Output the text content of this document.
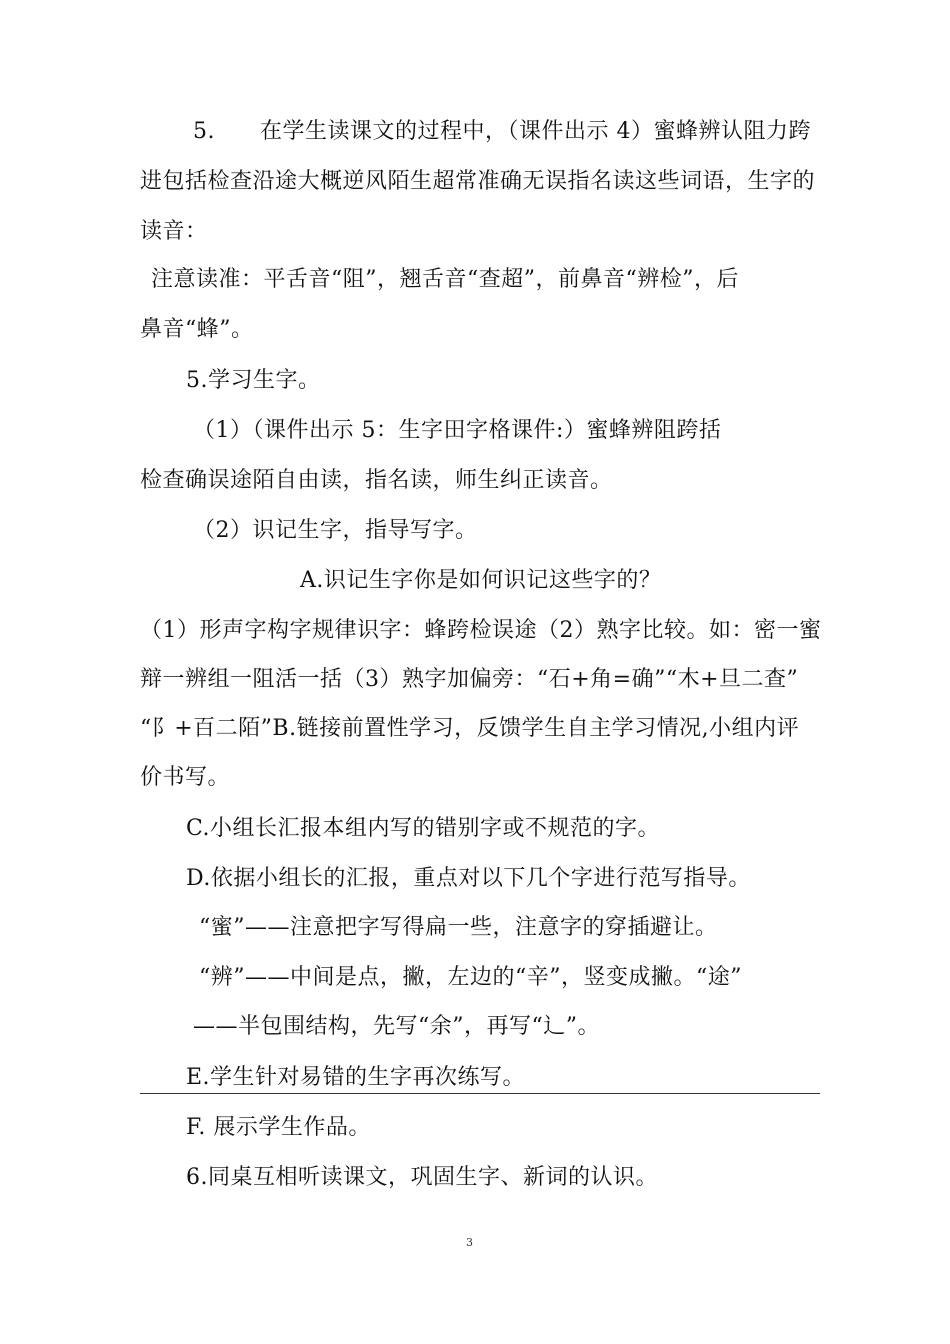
5.　　在学生读课文的过程中，（课件出示 4）蜜蜂辨认阻力跨
进包括检查沿途大概逆风陌生超常准确无误指名读这些词语，生字的
读音：
注意读准：平舌音“阻”，翘舌音“查超”，前鼻音“辨检”，后
鼻音“蜂”。
5.学习生字。
（1）（课件出示 5：生字田字格课件:）蜜蜂辨阻跨括
检查确误途陌自由读，指名读，师生纠正读音。
（2）识记生字，指导写字。
A.识记生字你是如何识记这些字的？
（1）形声字构字规律识字：蜂跨检误途（2）熟字比较。如：密一蜜
辩一辨组一阻活一括（3）熟字加偏旁：“石+角=确”“木+旦二查”
“阝+百二陌”B.链接前置性学习，反馈学生自主学习情况,小组内评
价书写。
C.小组长汇报本组内写的错别字或不规范的字。
D.依据小组长的汇报，重点对以下几个字进行范写指导。
“蜜”——注意把字写得扁一些，注意字的穿插避让。
“辨”——中间是点，撇，左边的“辛”，竖变成撇。“途”
——半包围结构，先写“余”，再写“辶”。
E.学生针对易错的生字再次练写。
F. 展示学生作品。
6.同桌互相听读课文，巩固生字、新词的认识。
3
